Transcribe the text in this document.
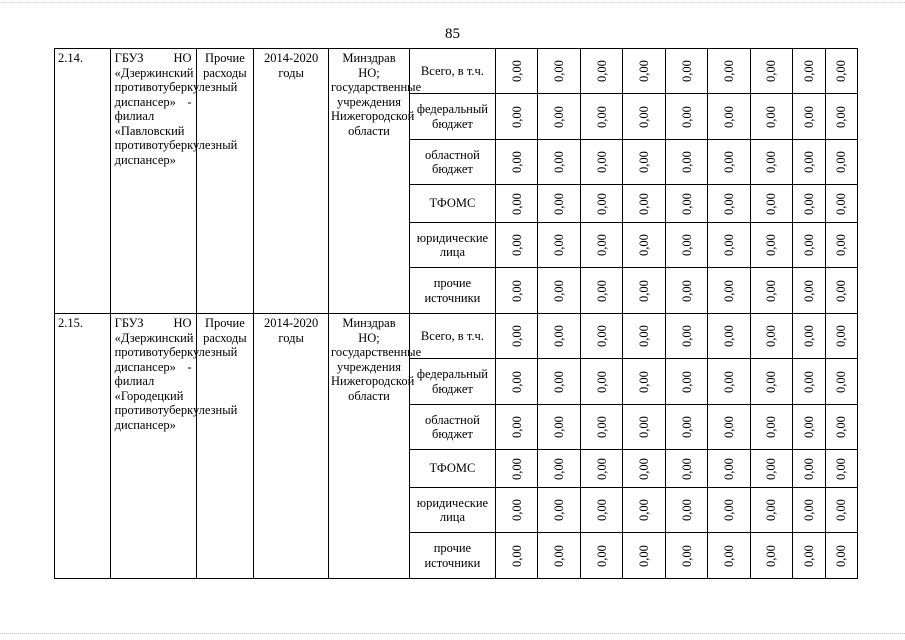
85
2.14.	ГБУЗ НО «Дзержинский противотуберкулезный диспансер» - филиал «Павловский противотуберкулезный диспансер»	Прочие расходы	2014-2020 годы	Минздрав НО; государственные учреждения Нижегородской области	Всего, в т.ч.	0,00	0,00	0,00	0,00	0,00	0,00	0,00	0,00	0,00

					федеральный бюджет	0,00	0,00	0,00	0,00	0,00	0,00	0,00	0,00	0,00

					областной бюджет	0,00	0,00	0,00	0,00	0,00	0,00	0,00	0,00	0,00

					ТФОМС	0,00	0,00	0,00	0,00	0,00	0,00	0,00	0,00	0,00

					юридические лица	0,00	0,00	0,00	0,00	0,00	0,00	0,00	0,00	0,00

					прочие источники	0,00	0,00	0,00	0,00	0,00	0,00	0,00	0,00	0,00

2.15.	ГБУЗ НО «Дзержинский противотуберкулезный диспансер» - филиал «Городецкий противотуберкулезный диспансер»	Прочие расходы	2014-2020 годы	Минздрав НО; государственные учреждения Нижегородской области	Всего, в т.ч.	0,00	0,00	0,00	0,00	0,00	0,00	0,00	0,00	0,00

					федеральный бюджет	0,00	0,00	0,00	0,00	0,00	0,00	0,00	0,00	0,00

					областной бюджет	0,00	0,00	0,00	0,00	0,00	0,00	0,00	0,00	0,00

					ТФОМС	0,00	0,00	0,00	0,00	0,00	0,00	0,00	0,00	0,00

					юридические лица	0,00	0,00	0,00	0,00	0,00	0,00	0,00	0,00	0,00

					прочие источники	0,00	0,00	0,00	0,00	0,00	0,00	0,00	0,00	0,00
